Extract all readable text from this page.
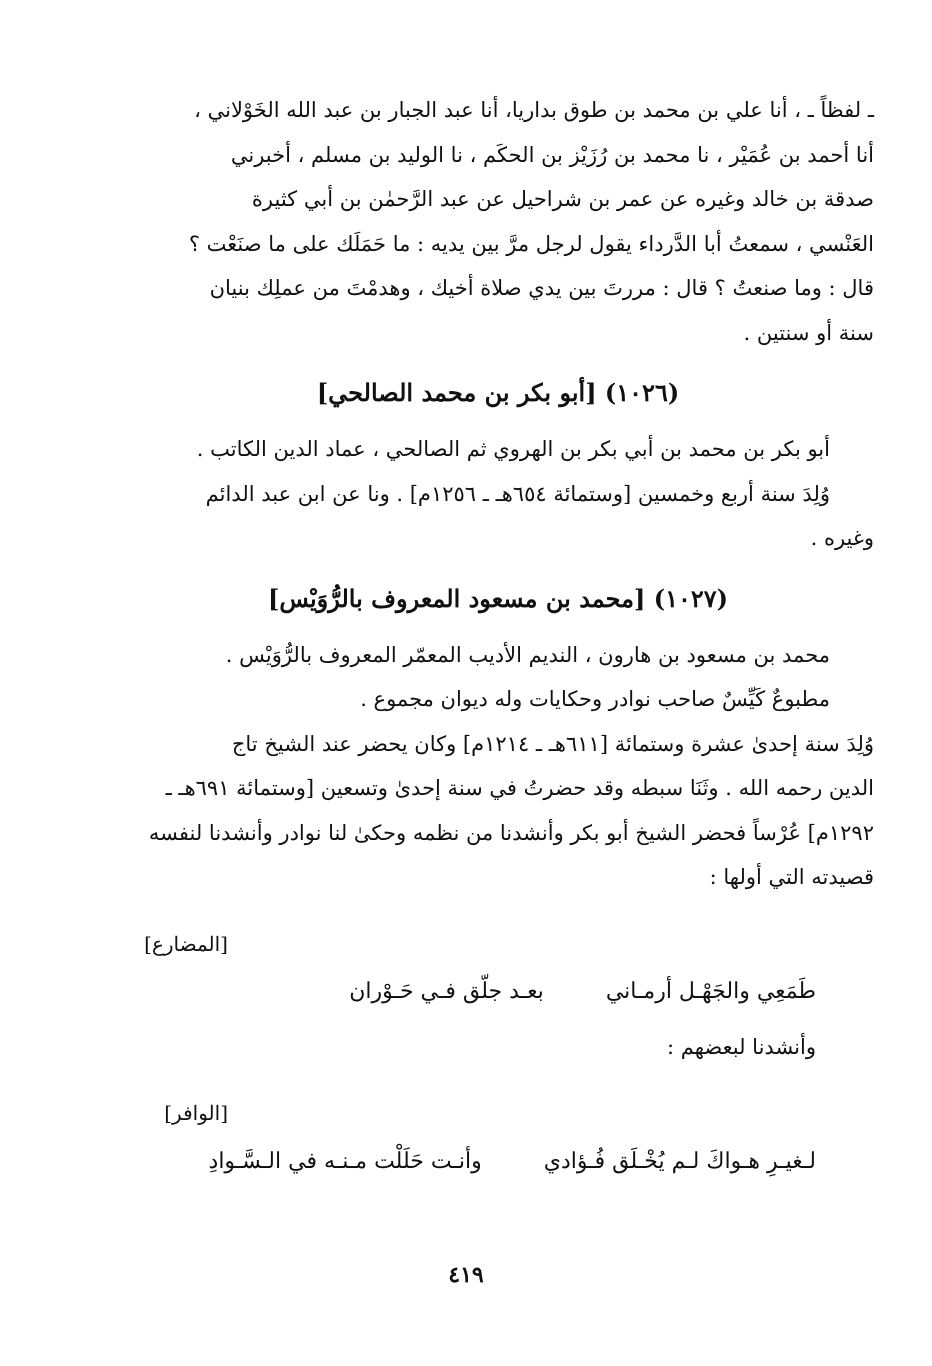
ـ لفظاً ـ ، أنا علي بن محمد بن طوق بداريا، أنا عبد الجبار بن عبد الله الخَوْلاني ،
أنا أحمد بن عُمَيْر ، نا محمد بن رُزَيْز بن الحكَم ، نا الوليد بن مسلم ، أخبرني
صدقة بن خالد وغيره عن عمر بن شراحيل عن عبد الرَّحمٰن بن أبي كثيرة
العَنْسي ، سمعتُ أبا الدَّرداء يقول لرجل مرَّ بين يديه : ما حَمَلَك على ما صنَعْت ؟
قال : وما صنعتُ ؟ قال : مررتَ بين يدي صلاة أخيك ، وهدمْتَ من عملِك بنيان
سنة أو سنتين .

(١٠٢٦) [أبو بكر بن محمد الصالحي]

أبو بكر بن محمد بن أبي بكر بن الهروي ثم الصالحي ، عماد الدين الكاتب .
وُلِدَ سنة أربع وخمسين [وستمائة ٦٥٤هـ ـ ١٢٥٦م] . ونا عن ابن عبد الدائم
وغيره .

(١٠٢٧) [محمد بن مسعود المعروف بالرُّوَيْس]

محمد بن مسعود بن هارون ، النديم الأديب المعمّر المعروف بالرُّوَيْس .
مطبوعٌ كَيِّسٌ صاحب نوادر وحكايات وله ديوان مجموع .

وُلِدَ سنة إحدىٰ عشرة وستمائة [٦١١هـ ـ ١٢١٤م] وكان يحضر عند الشيخ تاج
الدين رحمه الله . وثَنَا سبطه وقد حضرتُ في سنة إحدىٰ وتسعين [وستمائة ٦٩١هـ ـ
١٢٩٢م] عُرْساً فحضر الشيخ أبو بكر وأنشدنا من نظمه وحكىٰ لنا نوادر وأنشدنا لنفسه
قصيدته التي أولها :

[المضارع]
طَمَعِي والجَهْـل أرمـاني
بعـد جلّق فـي حَـوْران
وأنشدنا لبعضهم :
[الوافر]
لـغيـرِ هـواكَ لـم يُخْـلَق فُـؤادي
وأنـت حَلَلْت مـنـه في الـسَّـوادِ
٤١٩
